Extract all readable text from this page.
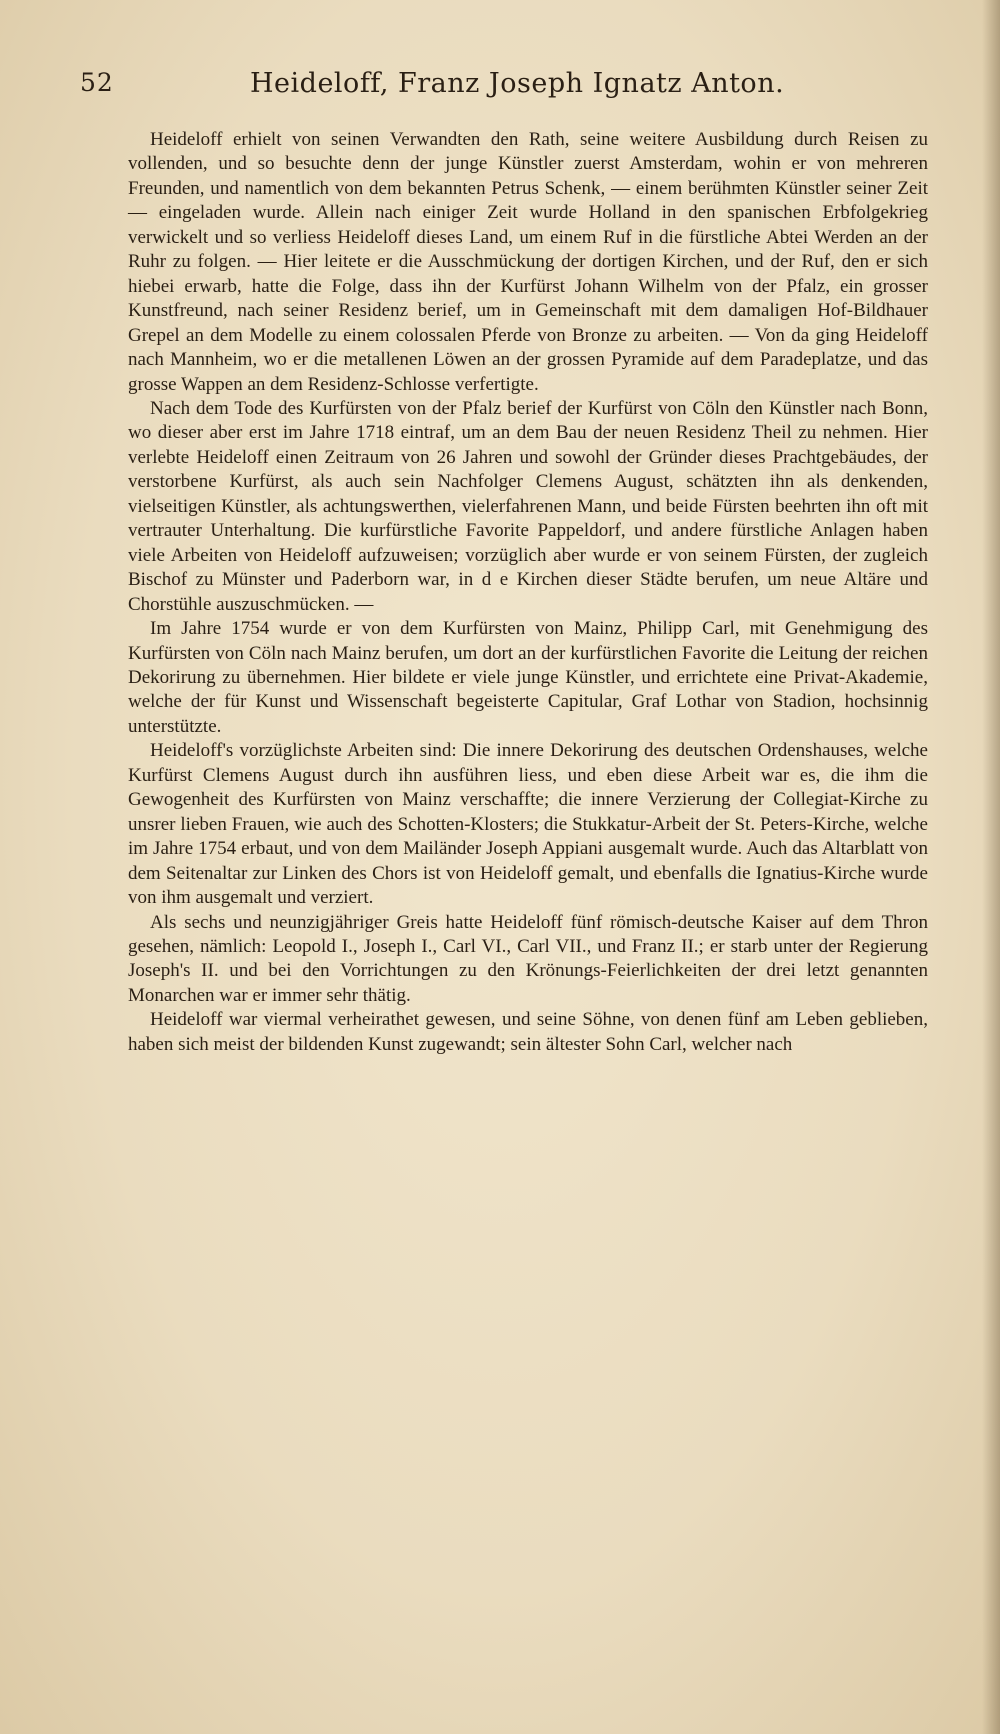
52	Heideloff, Franz Joseph Ignatz Anton.

Heideloff erhielt von seinen Verwandten den Rath, seine weitere Ausbildung durch Reisen zu vollenden, und so besuchte denn der junge Künstler zuerst Amsterdam, wohin er von mehreren Freunden, und namentlich von dem bekannten Petrus Schenk, — einem berühmten Künstler seiner Zeit — eingeladen wurde. Allein nach einiger Zeit wurde Holland in den spanischen Erbfolgekrieg verwickelt und so verliess Heideloff dieses Land, um einem Ruf in die fürstliche Abtei Werden an der Ruhr zu folgen. — Hier leitete er die Ausschmückung der dortigen Kirchen, und der Ruf, den er sich hiebei erwarb, hatte die Folge, dass ihn der Kurfürst Johann Wilhelm von der Pfalz, ein grosser Kunstfreund, nach seiner Residenz berief, um in Gemeinschaft mit dem damaligen Hof-Bildhauer Grepel an dem Modelle zu einem colossalen Pferde von Bronze zu arbeiten. — Von da ging Heideloff nach Mannheim, wo er die metallenen Löwen an der grossen Pyramide auf dem Paradeplatze, und das grosse Wappen an dem Residenz-Schlosse verfertigte.

Nach dem Tode des Kurfürsten von der Pfalz berief der Kurfürst von Cöln den Künstler nach Bonn, wo dieser aber erst im Jahre 1718 eintraf, um an dem Bau der neuen Residenz Theil zu nehmen. Hier verlebte Heideloff einen Zeitraum von 26 Jahren und sowohl der Gründer dieses Prachtgebäudes, der verstorbene Kurfürst, als auch sein Nachfolger Clemens August, schätzten ihn als denkenden, vielseitigen Künstler, als achtungswerthen, vielerfahrenen Mann, und beide Fürsten beehrten ihn oft mit vertrauter Unterhaltung. Die kurfürstliche Favorite Pappeldorf, und andere fürstliche Anlagen haben viele Arbeiten von Heideloff aufzuweisen; vorzüglich aber wurde er von seinem Fürsten, der zugleich Bischof zu Münster und Paderborn war, in d e Kirchen dieser Städte berufen, um neue Altäre und Chorstühle auszuschmücken. —

Im Jahre 1754 wurde er von dem Kurfürsten von Mainz, Philipp Carl, mit Genehmigung des Kurfürsten von Cöln nach Mainz berufen, um dort an der kurfürstlichen Favorite die Leitung der reichen Dekorirung zu übernehmen. Hier bildete er viele junge Künstler, und errichtete eine Privat-Akademie, welche der für Kunst und Wissenschaft begeisterte Capitular, Graf Lothar von Stadion, hochsinnig unterstützte.

Heideloff's vorzüglichste Arbeiten sind: Die innere Dekorirung des deutschen Ordenshauses, welche Kurfürst Clemens August durch ihn ausführen liess, und eben diese Arbeit war es, die ihm die Gewogenheit des Kurfürsten von Mainz verschaffte; die innere Verzierung der Collegiat-Kirche zu unsrer lieben Frauen, wie auch des Schotten-Klosters; die Stukkatur-Arbeit der St. Peters-Kirche, welche im Jahre 1754 erbaut, und von dem Mailänder Joseph Appiani ausgemalt wurde. Auch das Altarblatt von dem Seitenaltar zur Linken des Chors ist von Heideloff gemalt, und ebenfalls die Ignatius-Kirche wurde von ihm ausgemalt und verziert.

Als sechs und neunzigjähriger Greis hatte Heideloff fünf römisch-deutsche Kaiser auf dem Thron gesehen, nämlich: Leopold I., Joseph I., Carl VI., Carl VII., und Franz II.; er starb unter der Regierung Joseph's II. und bei den Vorrichtungen zu den Krönungs-Feierlichkeiten der drei letzt genannten Monarchen war er immer sehr thätig.

Heideloff war viermal verheirathet gewesen, und seine Söhne, von denen fünf am Leben geblieben, haben sich meist der bildenden Kunst zugewandt; sein ältester Sohn Carl, welcher nach
